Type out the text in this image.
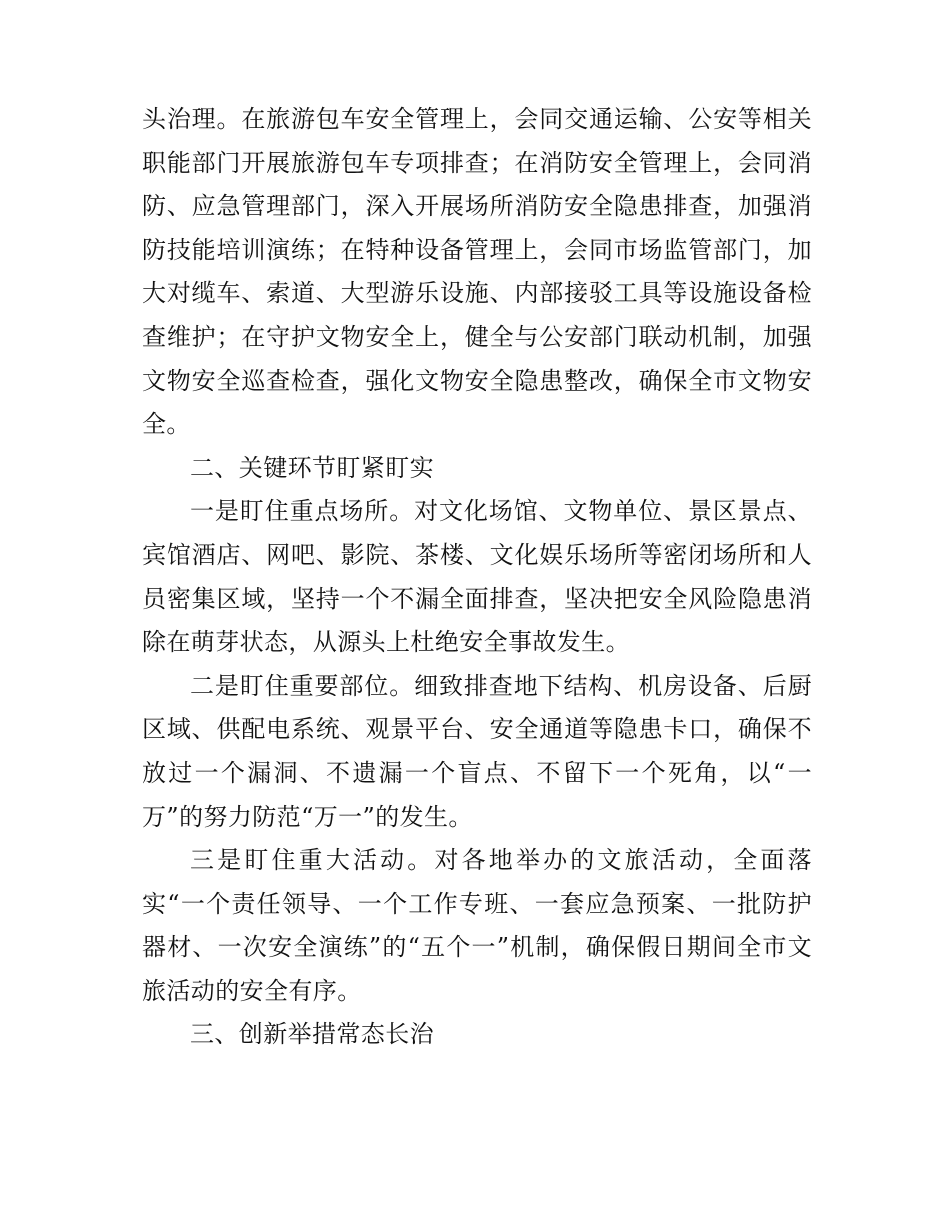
头治理。在旅游包车安全管理上，会同交通运输、公安等相关职能部门开展旅游包车专项排查；在消防安全管理上，会同消防、应急管理部门，深入开展场所消防安全隐患排查，加强消防技能培训演练；在特种设备管理上，会同市场监管部门，加大对缆车、索道、大型游乐设施、内部接驳工具等设施设备检查维护；在守护文物安全上，健全与公安部门联动机制，加强文物安全巡查检查，强化文物安全隐患整改，确保全市文物安全。

二、关键环节盯紧盯实

一是盯住重点场所。对文化场馆、文物单位、景区景点、宾馆酒店、网吧、影院、茶楼、文化娱乐场所等密闭场所和人员密集区域，坚持一个不漏全面排查，坚决把安全风险隐患消除在萌芽状态，从源头上杜绝安全事故发生。

二是盯住重要部位。细致排查地下结构、机房设备、后厨区域、供配电系统、观景平台、安全通道等隐患卡口，确保不放过一个漏洞、不遗漏一个盲点、不留下一个死角，以“一万”的努力防范“万一”的发生。

三是盯住重大活动。对各地举办的文旅活动，全面落实“一个责任领导、一个工作专班、一套应急预案、一批防护器材、一次安全演练”的“五个一”机制，确保假日期间全市文旅活动的安全有序。

三、创新举措常态长治
